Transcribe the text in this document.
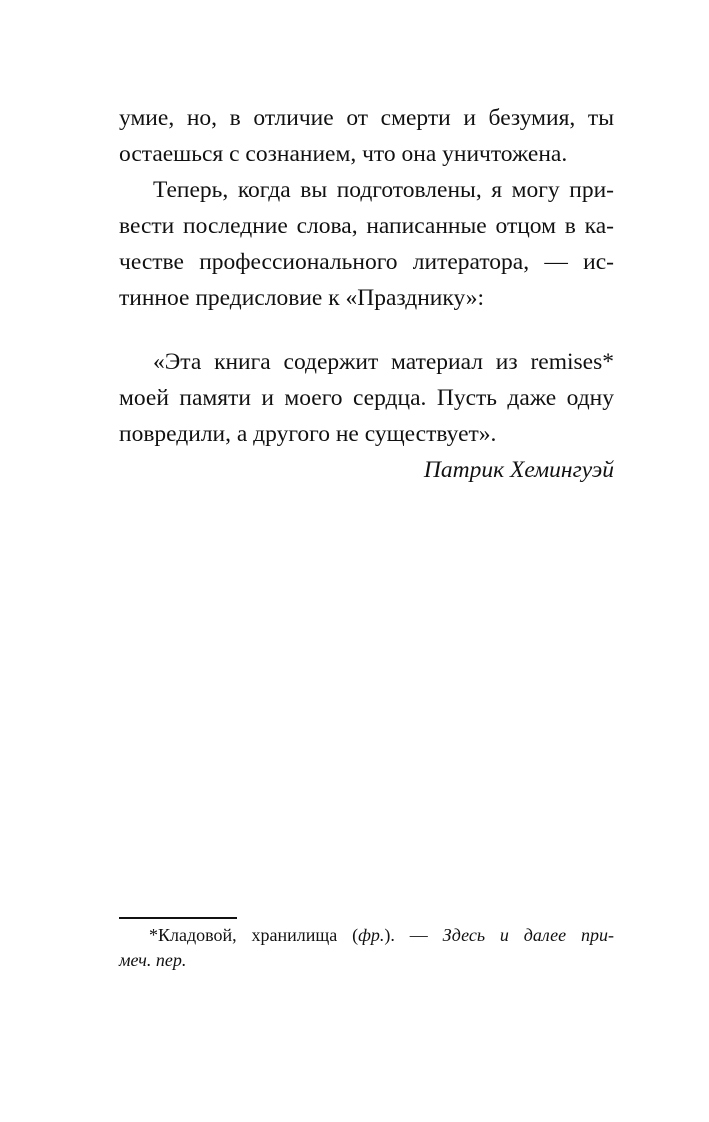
умие, но, в отличие от смерти и безумия, ты
остаешься с сознанием, что она уничтожена.

Теперь, когда вы подготовлены, я могу при-
вести последние слова, написанные отцом в ка-
честве профессионального литератора, — ис-
тинное предисловие к «Празднику»:

«Эта книга содержит материал из remises*
моей памяти и моего сердца. Пусть даже одну
повредили, а другого не существует».

Патрик Хемингуэй
*Кладовой, хранилища (фр.). — Здесь и далее при-
меч. пер.
